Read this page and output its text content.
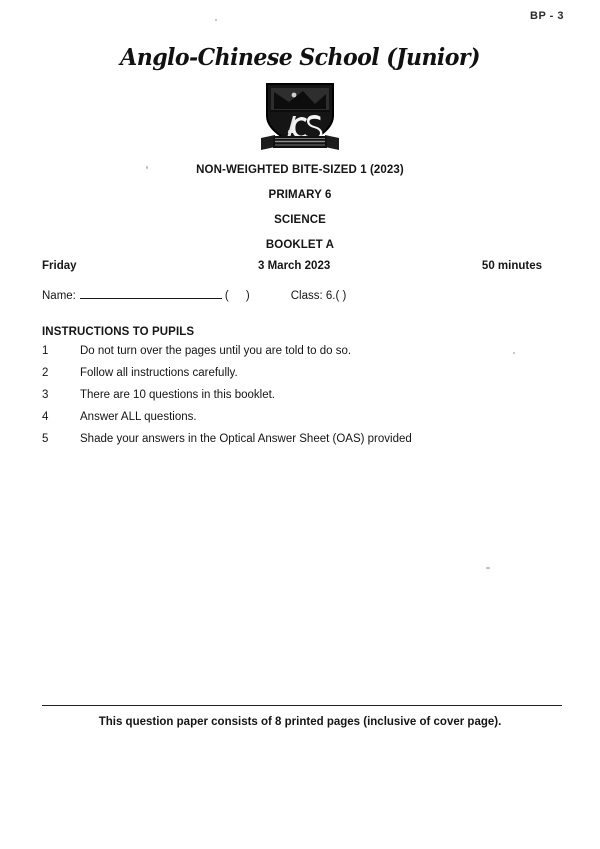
BP - 3
Anglo-Chinese School (Junior)
NON-WEIGHTED BITE-SIZED 1 (2023)
PRIMARY 6
SCIENCE
BOOKLET A
Friday	3 March 2023	50 minutes
Name:	( )	Class: 6.( )
INSTRUCTIONS TO PUPILS
1	Do not turn over the pages until you are told to do so.
2	Follow all instructions carefully.
3	There are 10 questions in this booklet.
4	Answer ALL questions.
5	Shade your answers in the Optical Answer Sheet (OAS) provided
This question paper consists of 8 printed pages (inclusive of cover page).
